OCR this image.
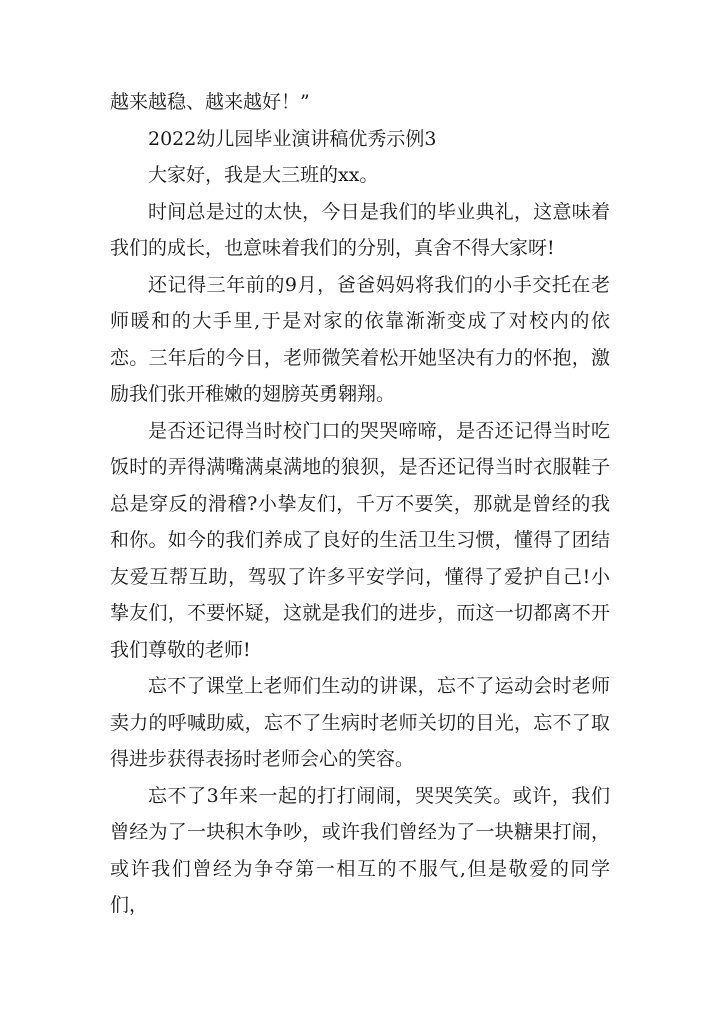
越来越稳、越来越好！”

2022幼儿园毕业演讲稿优秀示例3

大家好，我是大三班的xx。

时间总是过的太快，今日是我们的毕业典礼，这意味着我们的成长，也意味着我们的分别，真舍不得大家呀!

还记得三年前的9月，爸爸妈妈将我们的小手交托在老师暖和的大手里,于是对家的依靠渐渐变成了对校内的依恋。三年后的今日，老师微笑着松开她坚决有力的怀抱，激励我们张开稚嫩的翅膀英勇翱翔。

是否还记得当时校门口的哭哭啼啼，是否还记得当时吃饭时的弄得满嘴满桌满地的狼狈，是否还记得当时衣服鞋子总是穿反的滑稽?小挚友们，千万不要笑，那就是曾经的我和你。如今的我们养成了良好的生活卫生习惯，懂得了团结友爱互帮互助，驾驭了许多平安学问，懂得了爱护自己!小挚友们，不要怀疑，这就是我们的进步，而这一切都离不开我们尊敬的老师!

忘不了课堂上老师们生动的讲课，忘不了运动会时老师卖力的呼喊助威，忘不了生病时老师关切的目光，忘不了取得进步获得表扬时老师会心的笑容。

忘不了3年来一起的打打闹闹，哭哭笑笑。或许，我们曾经为了一块积木争吵，或许我们曾经为了一块糖果打闹，或许我们曾经为争夺第一相互的不服气,但是敬爱的同学们，
